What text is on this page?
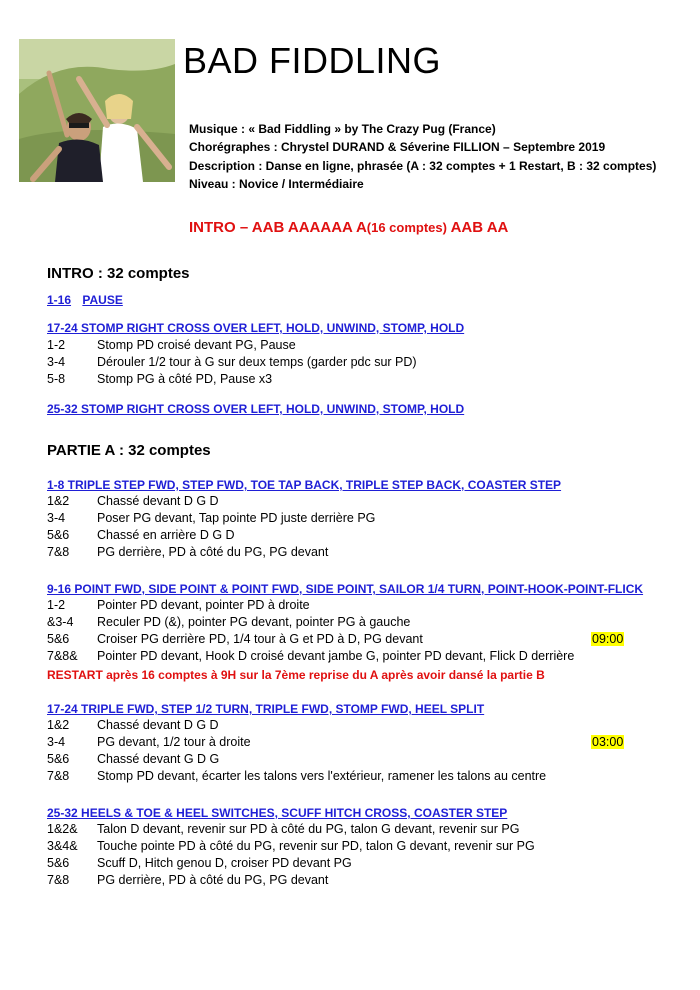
BAD FIDDLING
Musique : « Bad Fiddling » by The Crazy Pug (France)
Chorégraphes : Chrystel DURAND & Séverine FILLION – Septembre 2019
Description : Danse en ligne, phrasée (A : 32 comptes + 1 Restart, B : 32 comptes)
Niveau : Novice / Intermédiaire
INTRO – AAB AAAAAA A(16 comptes) AAB AA
INTRO : 32 comptes
1-16 PAUSE
17-24 STOMP RIGHT CROSS OVER LEFT, HOLD, UNWIND, STOMP, HOLD
1-2	Stomp PD croisé devant PG, Pause
3-4	Dérouler 1/2 tour à G sur deux temps (garder pdc sur PD)
5-8	Stomp PG à côté PD, Pause x3
25-32 STOMP RIGHT CROSS OVER LEFT, HOLD, UNWIND, STOMP, HOLD
PARTIE A : 32 comptes
1-8 TRIPLE STEP FWD, STEP FWD, TOE TAP BACK, TRIPLE STEP BACK, COASTER STEP
1&2 Chassé devant D G D
3-4	Poser PG devant, Tap pointe PD juste derrière PG
5&6 Chassé en arrière D G D
7&8 PG derrière, PD à côté du PG, PG devant
9-16 POINT FWD, SIDE POINT & POINT FWD, SIDE POINT, SAILOR 1/4 TURN, POINT-HOOK-POINT-FLICK
1-2	Pointer PD devant, pointer PD à droite
&3-4 Reculer PD (&), pointer PG devant, pointer PG à gauche
5&6 Croiser PG derrière PD, 1/4 tour à G et PD à D, PG devant	09:00
7&8& Pointer PD devant, Hook D croisé devant jambe G, pointer PD devant, Flick D derrière
RESTART après 16 comptes à 9H sur la 7ème reprise du A après avoir dansé la partie B
17-24 TRIPLE FWD, STEP 1/2 TURN, TRIPLE FWD, STOMP FWD, HEEL SPLIT
1&2 Chassé devant D G D
3-4	PG devant, 1/2 tour à droite	03:00
5&6 Chassé devant G D G
7&8 Stomp PD devant, écarter les talons vers l'extérieur, ramener les talons au centre
25-32 HEELS & TOE & HEEL SWITCHES, SCUFF HITCH CROSS, COASTER STEP
1&2& Talon D devant, revenir sur PD à côté du PG, talon G devant, revenir sur PG
3&4& Touche pointe PD à côté du PG, revenir sur PD, talon G devant, revenir sur PG
5&6 Scuff D, Hitch genou D, croiser PD devant PG
7&8 PG derrière, PD à côté du PG, PG devant
